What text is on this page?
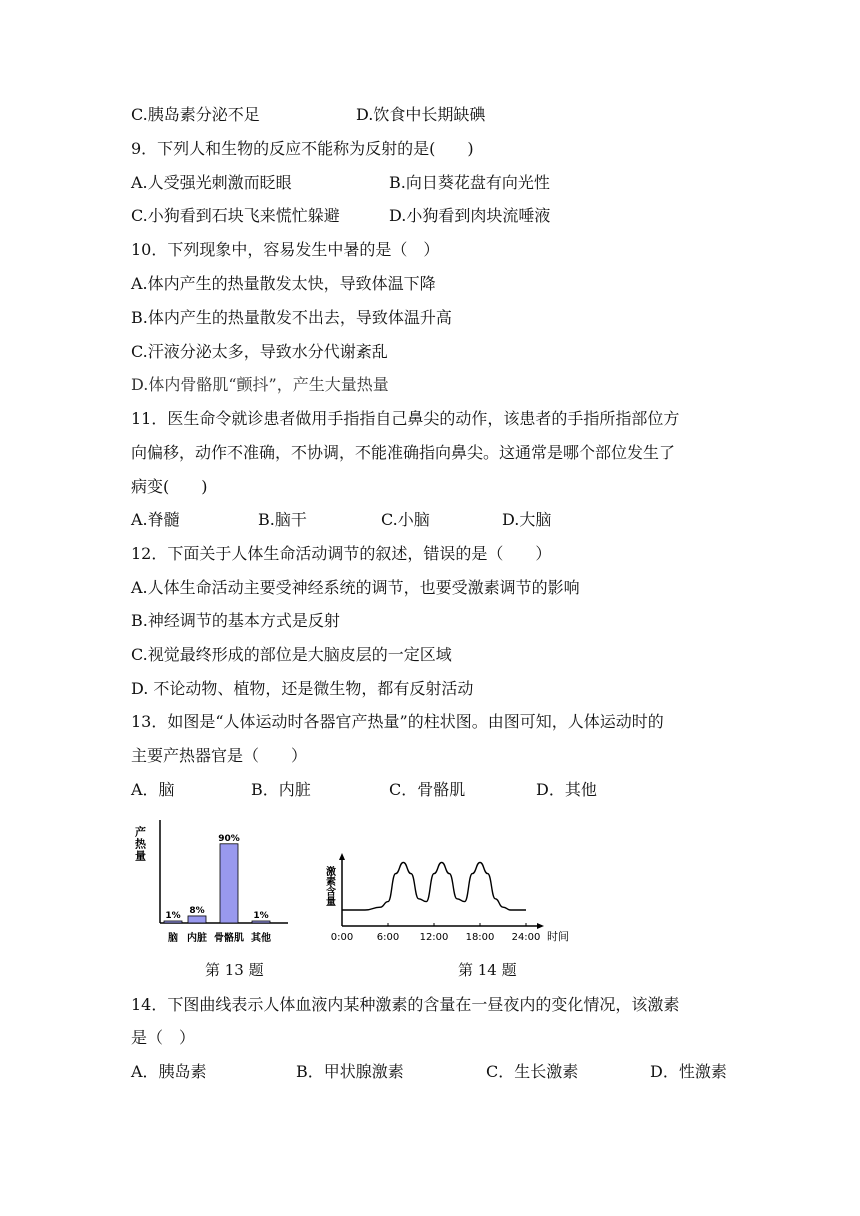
C.胰岛素分泌不足	D.饮食中长期缺碘
9．下列人和生物的反应不能称为反射的是(　　)
A.人受强光刺激而眨眼	B.向日葵花盘有向光性
C.小狗看到石块飞来慌忙躲避	D.小狗看到肉块流唾液
10．下列现象中，容易发生中暑的是（　）
A.体内产生的热量散发太快，导致体温下降
B.体内产生的热量散发不出去，导致体温升高
C.汗液分泌太多，导致水分代谢紊乱
D.体内骨骼肌“颤抖”，产生大量热量
11．医生命令就诊患者做用手指指自己鼻尖的动作，该患者的手指所指部位方
向偏移，动作不准确，不协调，不能准确指向鼻尖。这通常是哪个部位发生了
病变(　　)
A.脊髓	B.脑干	C.小脑	D.大脑
12．下面关于人体生命活动调节的叙述，错误的是（　　）
A.人体生命活动主要受神经系统的调节，也要受激素调节的影响
B.神经调节的基本方式是反射
C.视觉最终形成的部位是大脑皮层的一定区域
D. 不论动物、植物，还是微生物，都有反射活动
13．如图是“人体运动时各器官产热量”的柱状图。由图可知，人体运动时的
主要产热器官是（　　）
A．脑	B．内脏	C．骨骼肌	D．其他
产热量
1%
脑
8%
内脏
90%
骨骼肌
1%
其他
激素含量
时间
0:00 6:00 12:00 18:00 24:00
第 13 题	第 14 题
14．下图曲线表示人体血液内某种激素的含量在一昼夜内的变化情况，该激素
是（　）
A．胰岛素	B．甲状腺激素	C．生长激素	D．性激素
